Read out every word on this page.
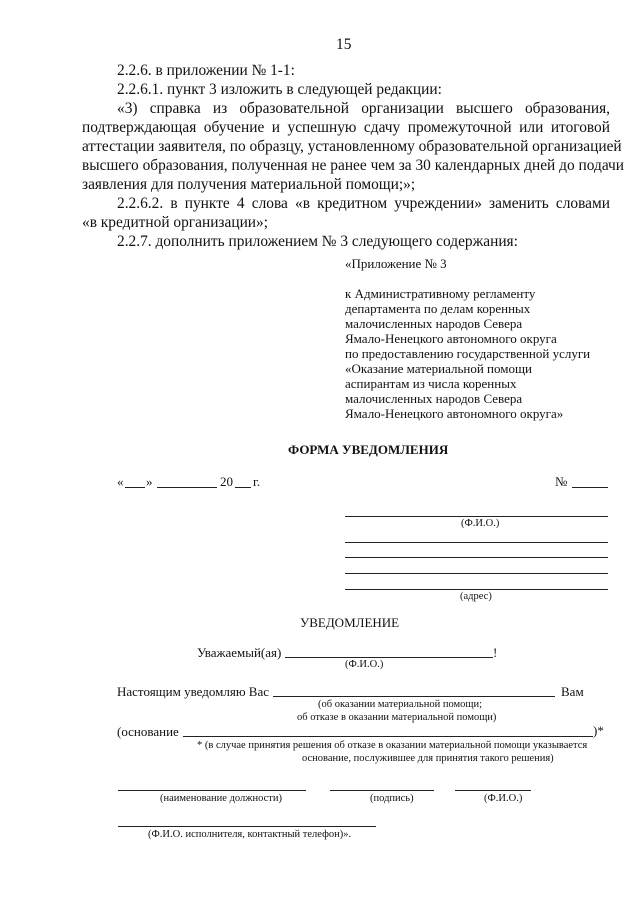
15
2.2.6. в приложении № 1-1:
2.2.6.1. пункт 3 изложить в следующей редакции:
«3) справка из образовательной организации высшего образования,
подтверждающая обучение и успешную сдачу промежуточной или итоговой
аттестации заявителя, по образцу, установленному образовательной организацией
высшего образования, полученная не ранее чем за 30 календарных дней до подачи
заявления для получения материальной помощи;»;
2.2.6.2. в пункте 4 слова «в кредитном учреждении» заменить словами
«в кредитной организации»;
2.2.7. дополнить приложением № 3 следующего содержания:
«Приложение № 3
к Административному регламенту
департамента по делам коренных
малочисленных народов Севера
Ямало-Ненецкого автономного округа
по предоставлению государственной услуги
«Оказание материальной помощи
аспирантам из числа коренных
малочисленных народов Севера
Ямало-Ненецкого автономного округа»
ФОРМА УВЕДОМЛЕНИЯ
« »	20 г.	№
(Ф.И.О.)
(адрес)
УВЕДОМЛЕНИЕ
Уважаемый(ая)	!
(Ф.И.О.)
Настоящим уведомляю Вас	Вам
(об оказании материальной помощи;
об отказе в оказании материальной помощи)
(основание	)*
* (в случае принятия решения об отказе в оказании материальной помощи указывается
основание, послужившее для принятия такого решения)
(наименование должности)	(подпись)	(Ф.И.О.)
(Ф.И.О. исполнителя, контактный телефон)».
